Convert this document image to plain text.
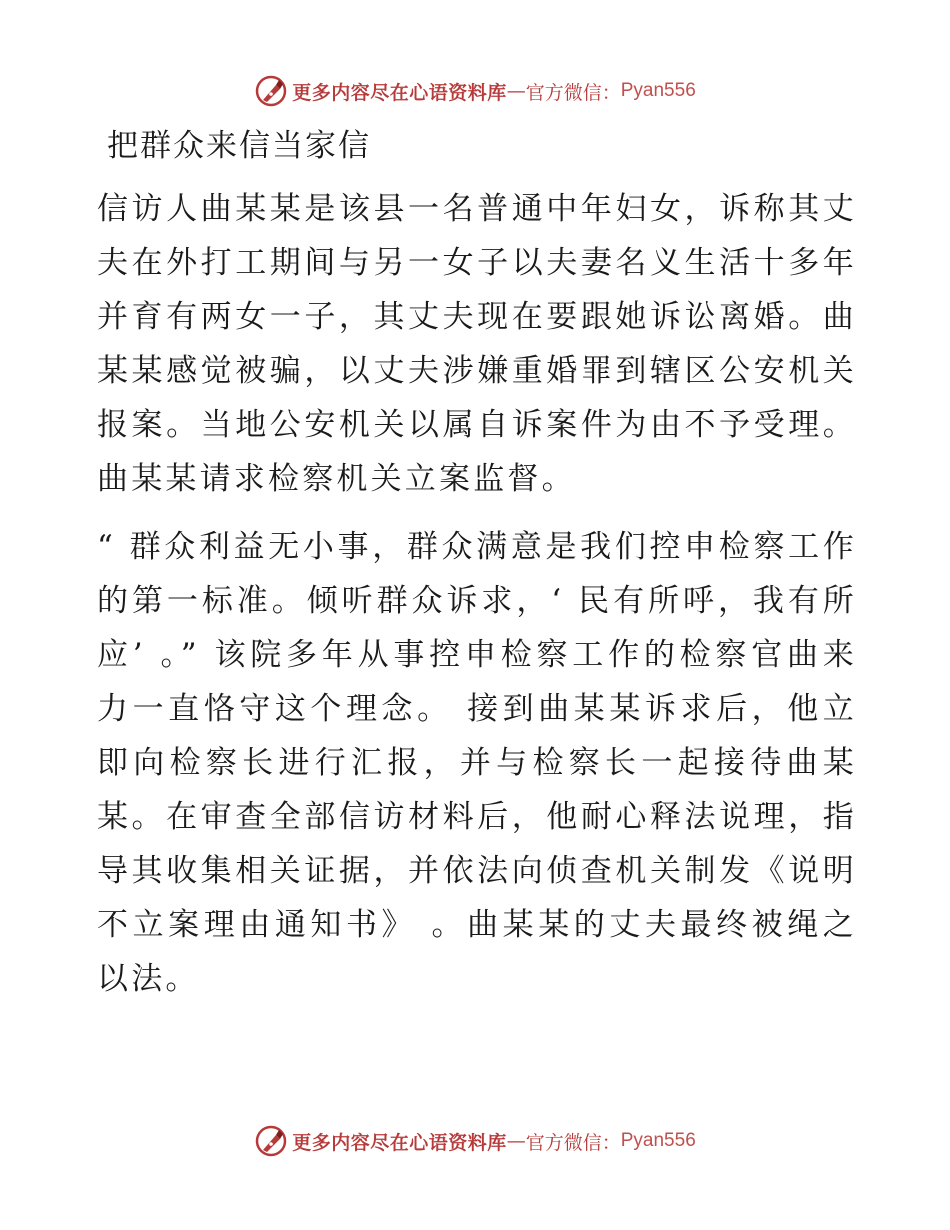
更多内容尽在心语资料库 — 官方微信： Pyan556
把群众来信当家信

信访人曲某某是该县一名普通中年妇女，诉称其丈夫在外打工期间与另一女子以夫妻名义生活十多年并育有两女一子，其丈夫现在要跟她诉讼离婚。曲某某感觉被骗，以丈夫涉嫌重婚罪到辖区公安机关报案。当地公安机关以属自诉案件为由不予受理。曲某某请求检察机关立案监督。

“ 群众利益无小事，群众满意是我们控申检察工作的第一标准。倾听群众诉求，‘ 民有所呼，我有所应’ 。” 该院多年从事控申检察工作的检察官曲来力一直恪守这个理念。 接到曲某某诉求后，他立即向检察长进行汇报，并与检察长一起接待曲某某。在审查全部信访材料后，他耐心释法说理，指导其收集相关证据，并依法向侦查机关制发《说明不立案理由通知书》 。曲某某的丈夫最终被绳之以法。

更多内容尽在心语资料库 — 官方微信： Pyan556
